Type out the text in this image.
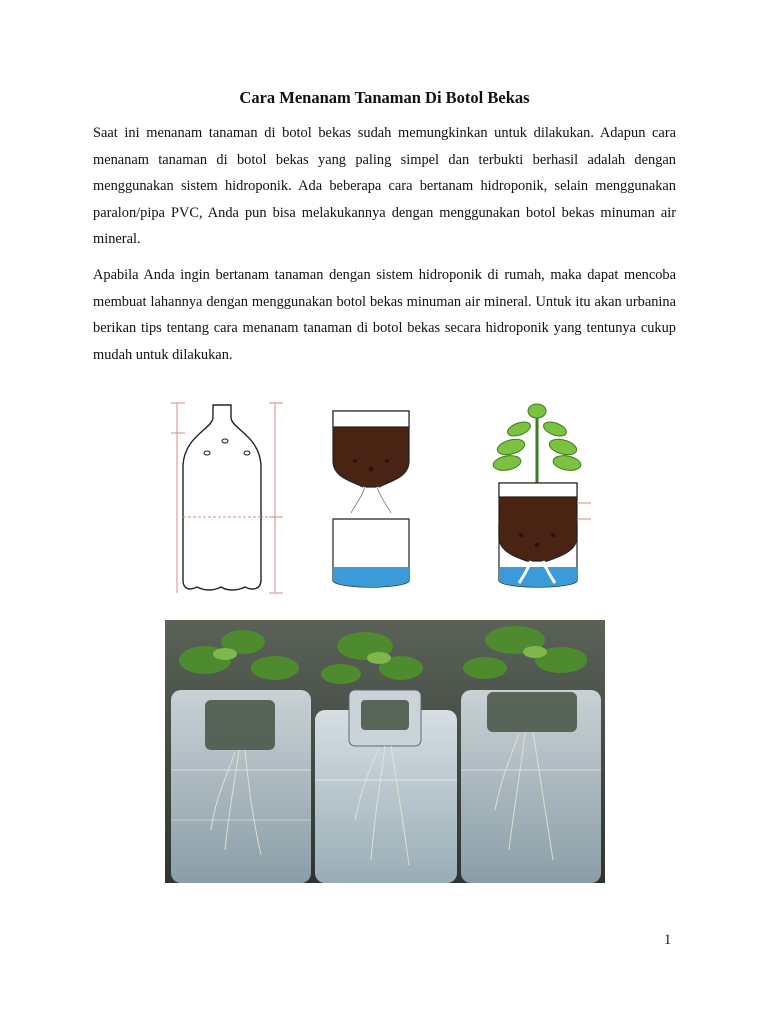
Cara Menanam Tanaman Di Botol Bekas

Saat ini menanam tanaman di botol bekas sudah memungkinkan untuk dilakukan. Adapun cara menanam tanaman di botol bekas yang paling simpel dan terbukti berhasil adalah dengan menggunakan sistem hidroponik. Ada beberapa cara bertanam hidroponik, selain menggunakan paralon/pipa PVC, Anda pun bisa melakukannya dengan menggunakan botol bekas minuman air mineral.

Apabila Anda ingin bertanam tanaman dengan sistem hidroponik di rumah, maka dapat mencoba membuat lahannya dengan menggunakan botol bekas minuman air mineral. Untuk itu akan urbanina berikan tips tentang cara menanam tanaman di botol bekas secara hidroponik yang tentunya cukup mudah untuk dilakukan.

1
